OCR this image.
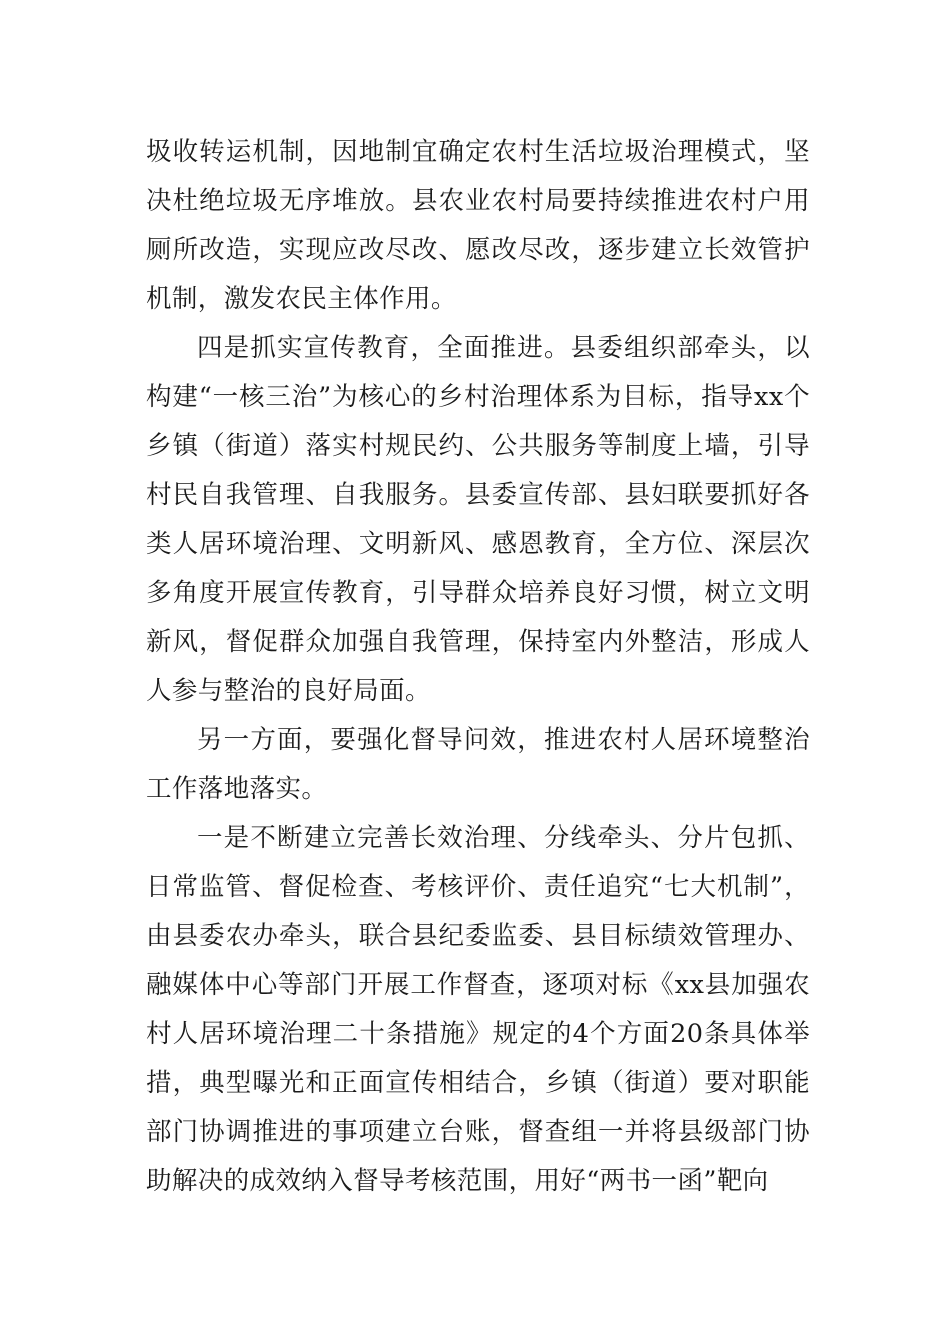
圾收转运机制，因地制宜确定农村生活垃圾治理模式，坚决杜绝垃圾无序堆放。县农业农村局要持续推进农村户用厕所改造，实现应改尽改、愿改尽改，逐步建立长效管护机制，激发农民主体作用。

四是抓实宣传教育，全面推进。县委组织部牵头，以构建“一核三治”为核心的乡村治理体系为目标，指导xx个乡镇（街道）落实村规民约、公共服务等制度上墙，引导村民自我管理、自我服务。县委宣传部、县妇联要抓好各类人居环境治理、文明新风、感恩教育，全方位、深层次多角度开展宣传教育，引导群众培养良好习惯，树立文明新风，督促群众加强自我管理，保持室内外整洁，形成人人参与整治的良好局面。

另一方面，要强化督导问效，推进农村人居环境整治工作落地落实。

一是不断建立完善长效治理、分线牵头、分片包抓、日常监管、督促检查、考核评价、责任追究“七大机制”，由县委农办牵头，联合县纪委监委、县目标绩效管理办、融媒体中心等部门开展工作督查，逐项对标《xx县加强农村人居环境治理二十条措施》规定的4个方面20条具体举措，典型曝光和正面宣传相结合，乡镇（街道）要对职能部门协调推进的事项建立台账，督查组一并将县级部门协助解决的成效纳入督导考核范围，用好“两书一函”靶向
